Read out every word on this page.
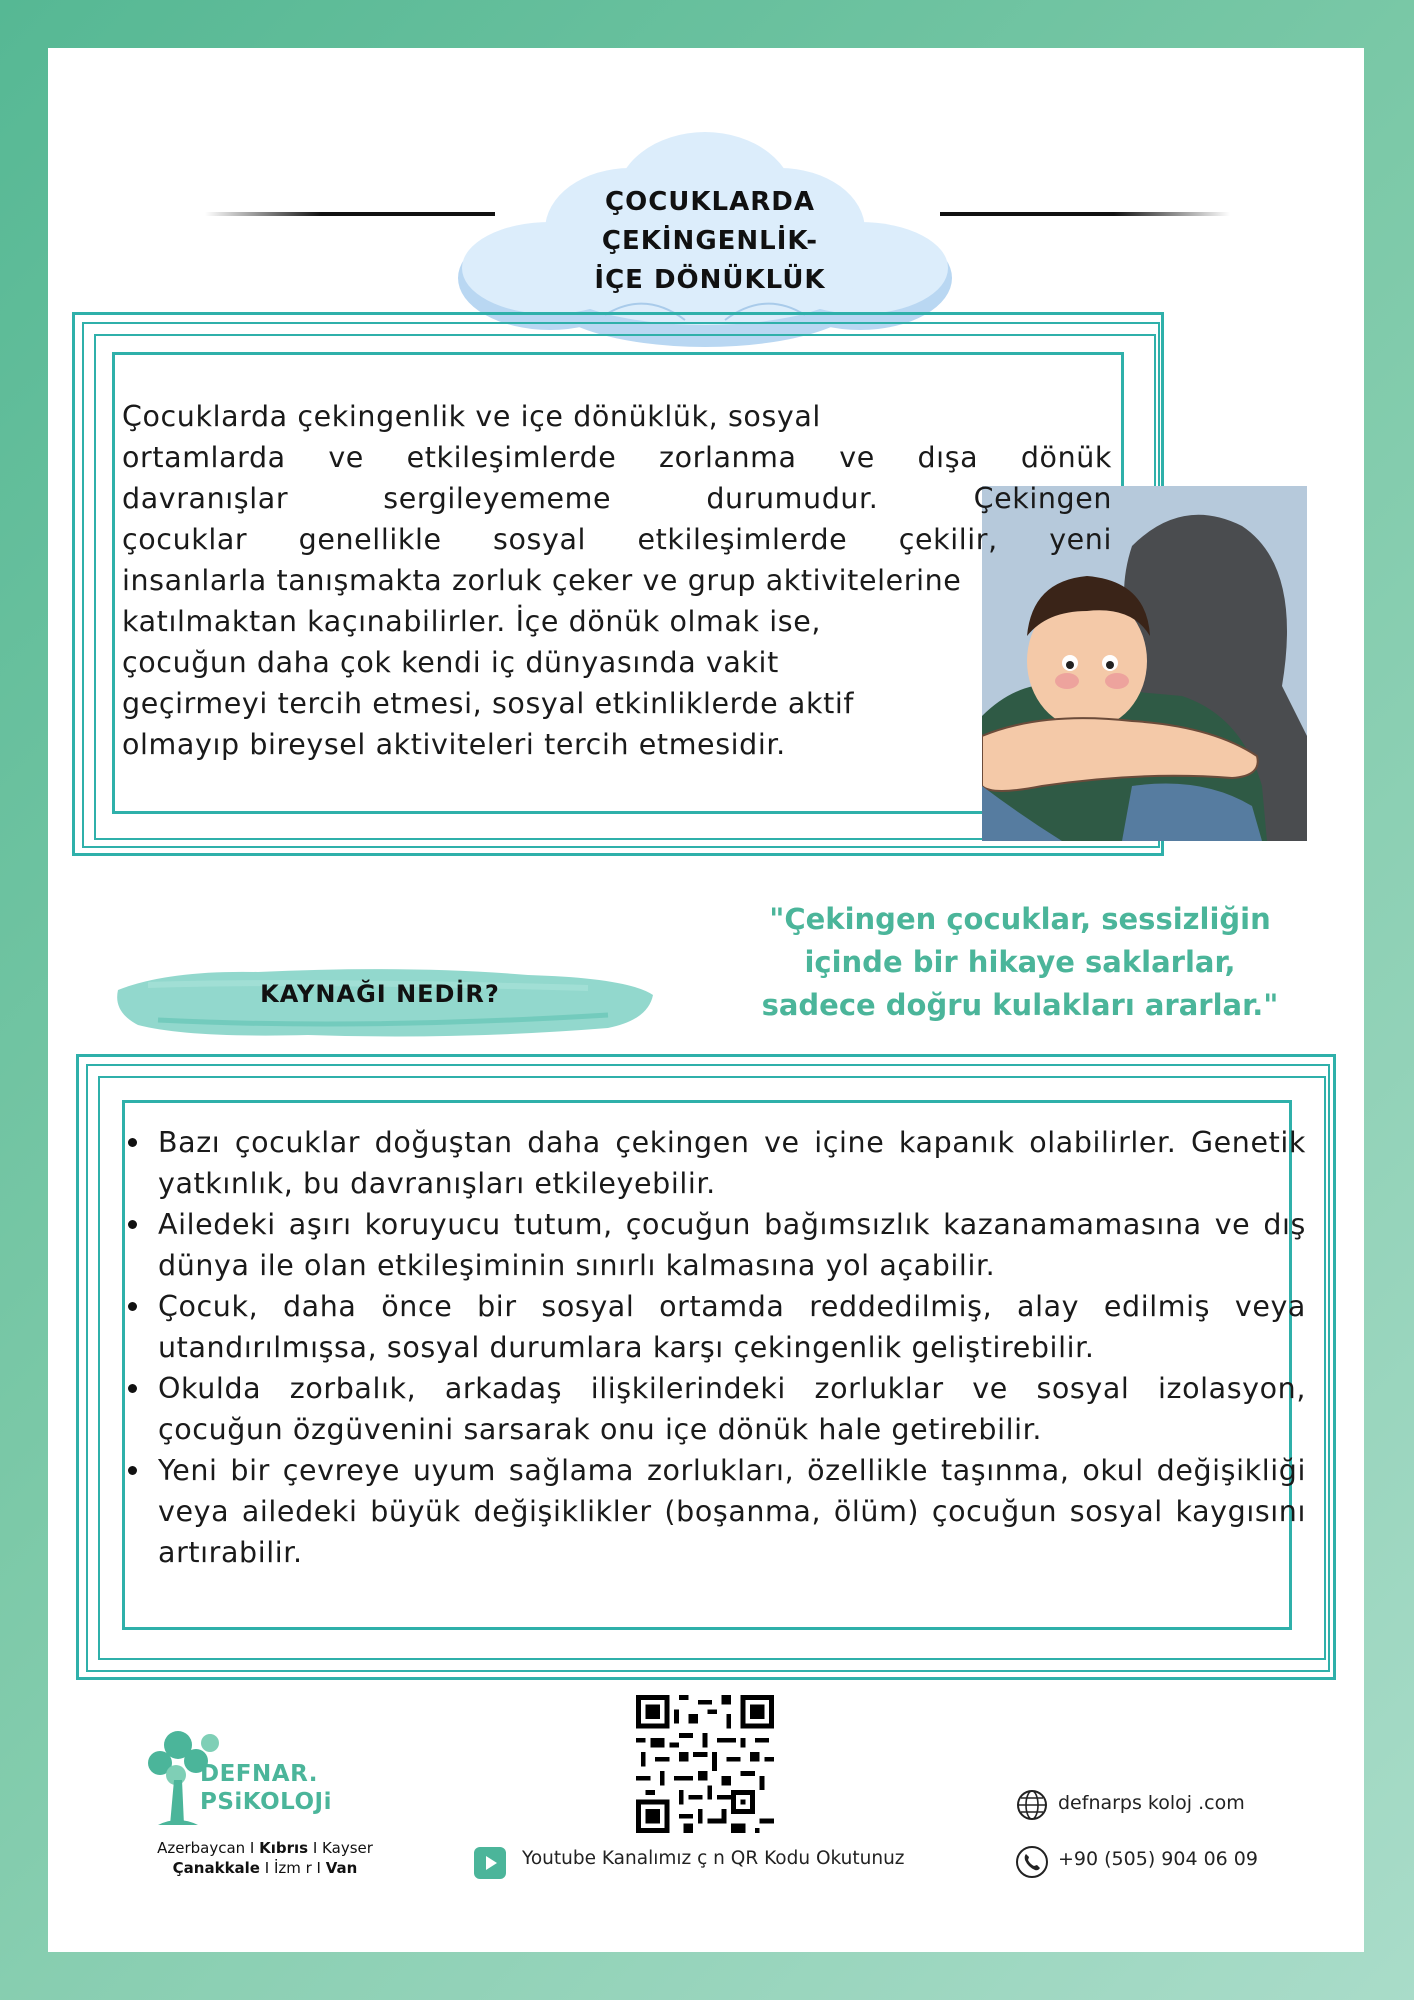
ÇOCUKLARDA
ÇEKİNGENLİK-
İÇE DÖNÜKLÜK
Çocuklarda çekingenlik ve içe dönüklük, sosyal
ortamlarda ve etkileşimlerde zorlanma ve dışa dönük
davranışlar sergileyememe durumudur. Çekingen
çocuklar genellikle sosyal etkileşimlerde çekilir, yeni
insanlarla tanışmakta zorluk çeker ve grup aktivitelerine
katılmaktan kaçınabilirler. İçe dönük olmak ise,
çocuğun daha çok kendi iç dünyasında vakit
geçirmeyi tercih etmesi, sosyal etkinliklerde aktif
olmayıp bireysel aktiviteleri tercih etmesidir.
"Çekingen çocuklar, sessizliğin
içinde bir hikaye saklarlar,
sadece doğru kulakları ararlar."
KAYNAĞI NEDİR?
Bazı çocuklar doğuştan daha çekingen ve içine kapanık olabilirler. Genetik yatkınlık, bu davranışları etkileyebilir.
Ailedeki aşırı koruyucu tutum, çocuğun bağımsızlık kazanamamasına ve dış dünya ile olan etkileşiminin sınırlı kalmasına yol açabilir.
Çocuk, daha önce bir sosyal ortamda reddedilmiş, alay edilmiş veya utandırılmışsa, sosyal durumlara karşı çekingenlik geliştirebilir.
Okulda zorbalık, arkadaş ilişkilerindeki zorluklar ve sosyal izolasyon, çocuğun özgüvenini sarsarak onu içe dönük hale getirebilir.
Yeni bir çevreye uyum sağlama zorlukları, özellikle taşınma, okul değişikliği veya ailedeki büyük değişiklikler (boşanma, ölüm) çocuğun sosyal kaygısını artırabilir.
DEFNAR.
PSiKOLOJi
Azerbaycan I Kıbrıs I Kayser
Çanakkale I İzm r I Van	Youtube Kanalımız ç n QR Kodu Okutunuz
defnarps koloj .com
+90 (505) 904 06 09
